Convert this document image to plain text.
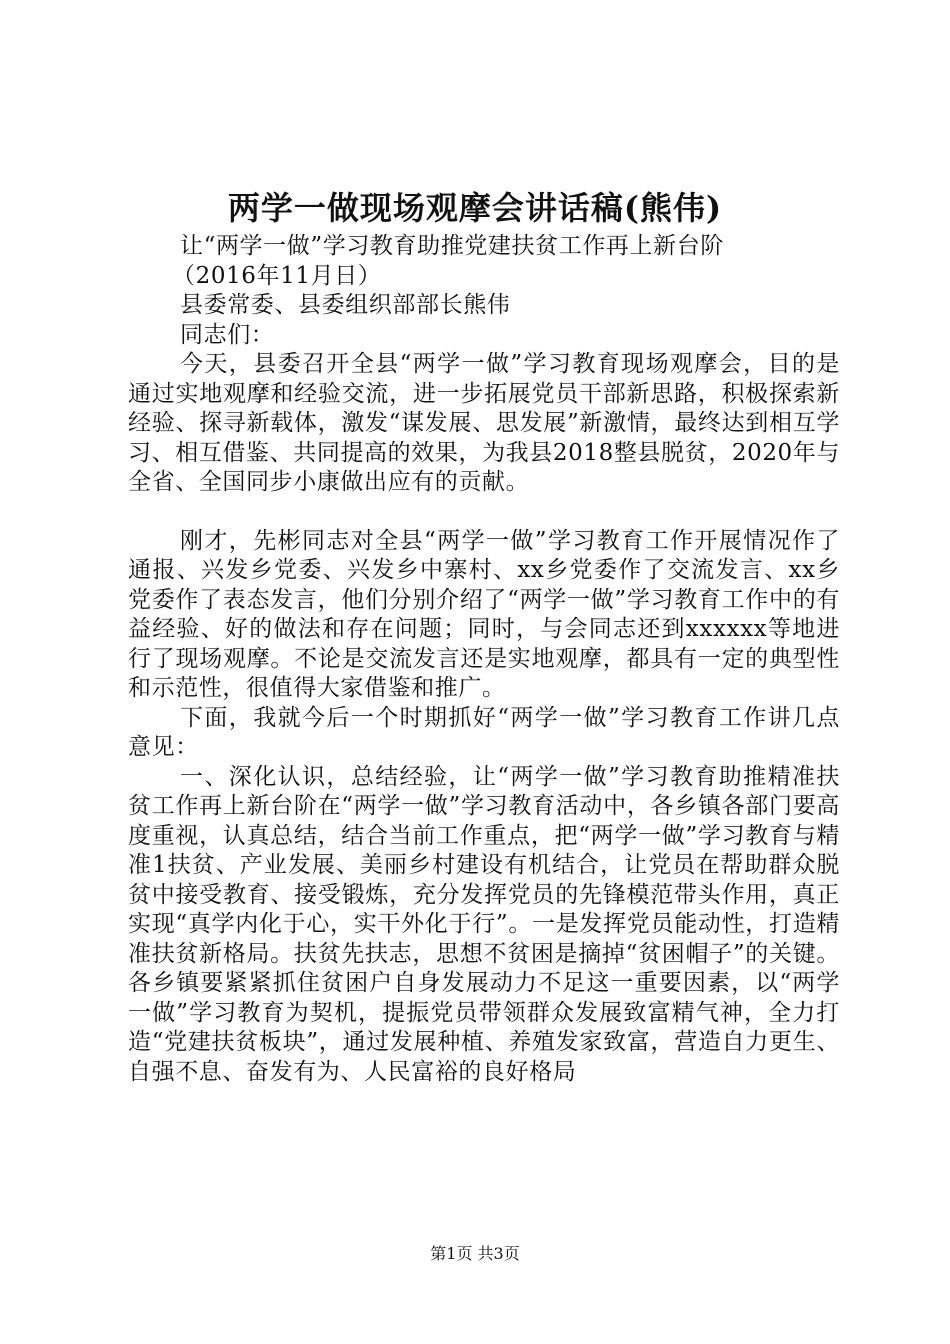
两学一做现场观摩会讲话稿(熊伟)

让“两学一做”学习教育助推党建扶贫工作再上新台阶

（2016年11月日）

县委常委、县委组织部部长熊伟

同志们：

今天，县委召开全县“两学一做”学习教育现场观摩会，目的是通过实地观摩和经验交流，进一步拓展党员干部新思路，积极探索新经验、探寻新载体，激发“谋发展、思发展”新激情，最终达到相互学习、相互借鉴、共同提高的效果，为我县2018整县脱贫，2020年与全省、全国同步小康做出应有的贡献。

刚才，先彬同志对全县“两学一做”学习教育工作开展情况作了通报、兴发乡党委、兴发乡中寨村、xx乡党委作了交流发言、xx乡党委作了表态发言，他们分别介绍了“两学一做”学习教育工作中的有益经验、好的做法和存在问题；同时，与会同志还到xxxxxx等地进行了现场观摩。不论是交流发言还是实地观摩，都具有一定的典型性和示范性，很值得大家借鉴和推广。

下面，我就今后一个时期抓好“两学一做”学习教育工作讲几点意见：

一、深化认识，总结经验，让“两学一做”学习教育助推精准扶贫工作再上新台阶在“两学一做”学习教育活动中，各乡镇各部门要高度重视，认真总结，结合当前工作重点，把“两学一做”学习教育与精准1扶贫、产业发展、美丽乡村建设有机结合，让党员在帮助群众脱贫中接受教育、接受锻炼，充分发挥党员的先锋模范带头作用，真正实现“真学内化于心，实干外化于行”。一是发挥党员能动性，打造精准扶贫新格局。扶贫先扶志，思想不贫困是摘掉“贫困帽子”的关键。各乡镇要紧紧抓住贫困户自身发展动力不足这一重要因素，以“两学一做”学习教育为契机，提振党员带领群众发展致富精气神，全力打造“党建扶贫板块”，通过发展种植、养殖发家致富，营造自力更生、自强不息、奋发有为、人民富裕的良好格局

第1页 共3页
